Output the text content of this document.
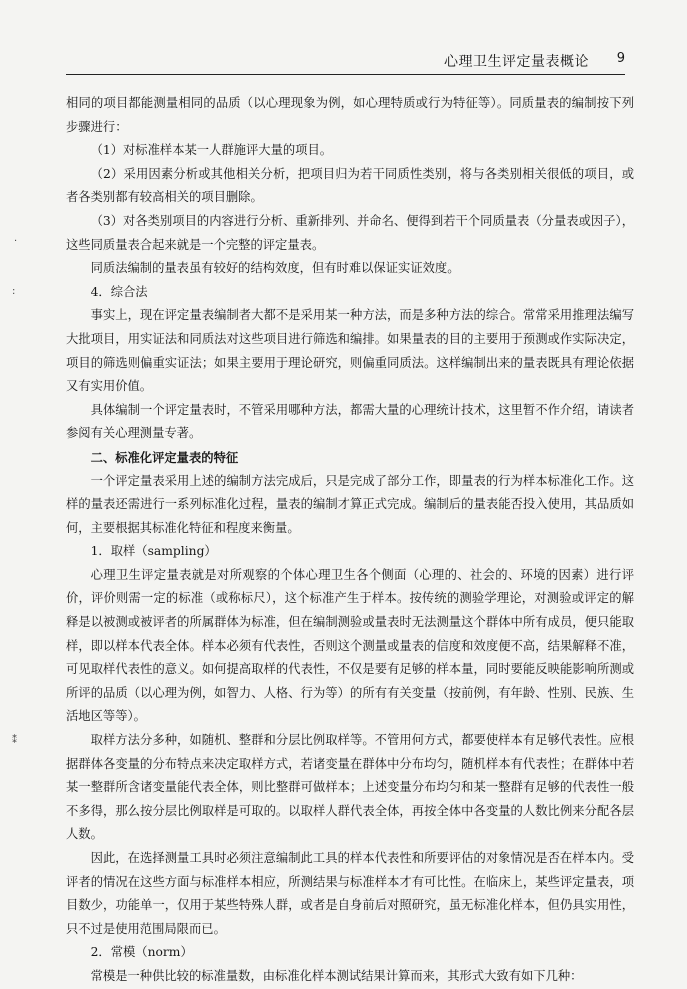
心理卫生评定量表概论 9
·
:
⁑

相同的项目都能测量相同的品质（以心理现象为例，如心理特质或行为特征等）。同质量表的编制按下列步骤进行：

（1）对标准样本某一人群施评大量的项目。

（2）采用因素分析或其他相关分析，把项目归为若干同质性类别，将与各类别相关很低的项目，或者各类别都有较高相关的项目删除。

（3）对各类别项目的内容进行分析、重新排列、并命名、便得到若干个同质量表（分量表或因子），这些同质量表合起来就是一个完整的评定量表。

同质法编制的量表虽有较好的结构效度，但有时难以保证实证效度。

4．综合法

事实上，现在评定量表编制者大都不是采用某一种方法，而是多种方法的综合。常常采用推理法编写大批项目，用实证法和同质法对这些项目进行筛选和编排。如果量表的目的主要用于预测或作实际决定，项目的筛选则偏重实证法；如果主要用于理论研究，则偏重同质法。这样编制出来的量表既具有理论依据又有实用价值。

具体编制一个评定量表时，不管采用哪种方法，都需大量的心理统计技术，这里暂不作介绍，请读者参阅有关心理测量专著。

二、标准化评定量表的特征

一个评定量表采用上述的编制方法完成后，只是完成了部分工作，即量表的行为样本标准化工作。这样的量表还需进行一系列标准化过程，量表的编制才算正式完成。编制后的量表能否投入使用，其品质如何，主要根据其标准化特征和程度来衡量。

1．取样（sampling）

心理卫生评定量表就是对所观察的个体心理卫生各个侧面（心理的、社会的、环境的因素）进行评价，评价则需一定的标准（或称标尺），这个标准产生于样本。按传统的测验学理论，对测验或评定的解释是以被测或被评者的所属群体为标准，但在编制测验或量表时无法测量这个群体中所有成员，便只能取样，即以样本代表全体。样本必须有代表性，否则这个测量或量表的信度和效度便不高，结果解释不准，可见取样代表性的意义。如何提高取样的代表性，不仅是要有足够的样本量，同时要能反映能影响所测或所评的品质（以心理为例，如智力、人格、行为等）的所有有关变量（按前例，有年龄、性别、民族、生活地区等等）。

取样方法分多种，如随机、整群和分层比例取样等。不管用何方式，都要使样本有足够代表性。应根据群体各变量的分布特点来决定取样方式，若诸变量在群体中分布均匀，随机样本有代表性；在群体中若某一整群所含诸变量能代表全体，则比整群可做样本；上述变量分布均匀和某一整群有足够的代表性一般不多得，那么按分层比例取样是可取的。以取样人群代表全体，再按全体中各变量的人数比例来分配各层人数。

因此，在选择测量工具时必须注意编制此工具的样本代表性和所要评估的对象情况是否在样本内。受评者的情况在这些方面与标准样本相应，所测结果与标准样本才有可比性。在临床上，某些评定量表，项目数少，功能单一，仅用于某些特殊人群，或者是自身前后对照研究，虽无标准化样本，但仍具实用性，只不过是使用范围局限而已。

2．常模（norm）

常模是一种供比较的标准量数，由标准化样本测试结果计算而来，其形式大致有如下几种：
